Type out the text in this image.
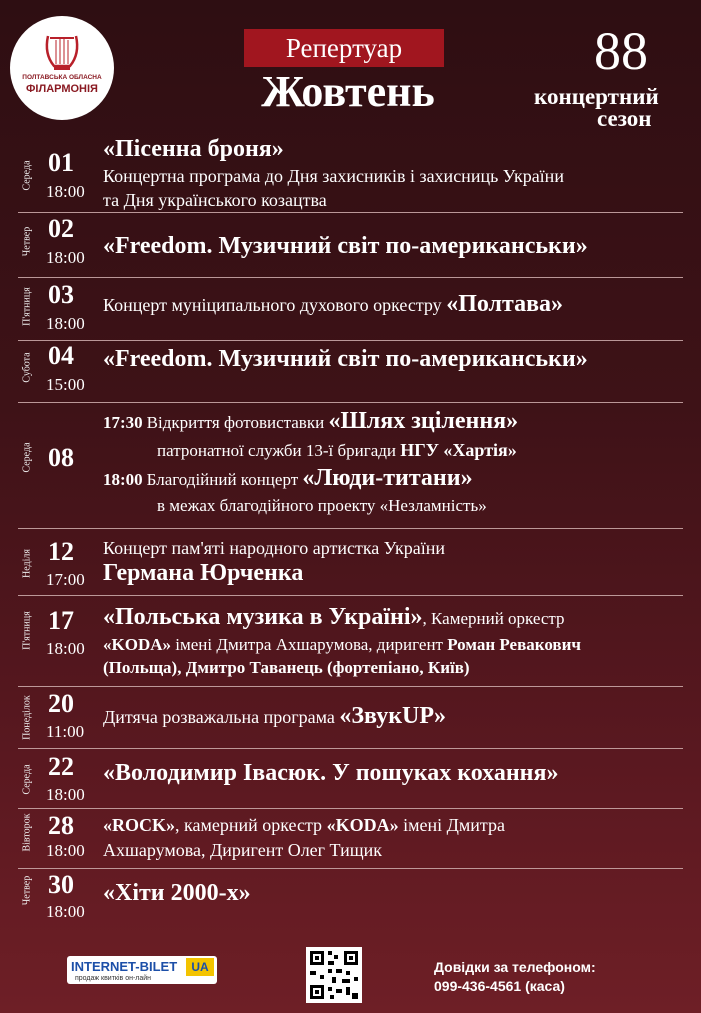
ПОЛТАВСЬКА ОБЛАСНА
ФІЛАРМОНІЯ
Репертуар
Жовтень
88
концертний
сезон
Середа 01
18:00
«Пісенна броня»
Концертна програма до Дня захисників і захисниць України
та Дня українського козацтва
Четвер 02
18:00 «Freedom. Музичний світ по-американськи»
П'ятниця 03
18:00
Концерт муніципального духового оркестру «Полтава»
Субота 04
15:00
«Freedom. Музичний світ по-американськи»
Середа 08
17:30 Відкриття фотовиставки «Шлях зцілення»
патронатної служби 13-ї бригади НГУ «Хартія»
18:00 Благодійний концерт «Люди-титани»
в межах благодійного проекту «Незламність»
Неділя 12
17:00
Концерт пам'яті народного артистка України
Германа Юрченка
П'ятниця 17
18:00
«Польська музика в Україні», Камерний оркестр
«KODA» імені Дмитра Ахшарумова, диригент Роман Ревакович
(Польща), Дмитро Таванець (фортепіано, Київ)
Понеділок 20
11:00
Дитяча розважальна програма «ЗвукUP»
Середа 22
18:00
«Володимир Івасюк. У пошуках кохання»
Вівторок 28
18:00
«ROCK», камерний оркестр «KODA» імені Дмитра
Ахшарумова, Диригент Олег Тищик
Четвер 30
18:00
«Хіти 2000-х»
INTERNET-BILET	UA
продаж квитків он-лайн
Довідки за телефоном:
099-436-4561 (каса)
